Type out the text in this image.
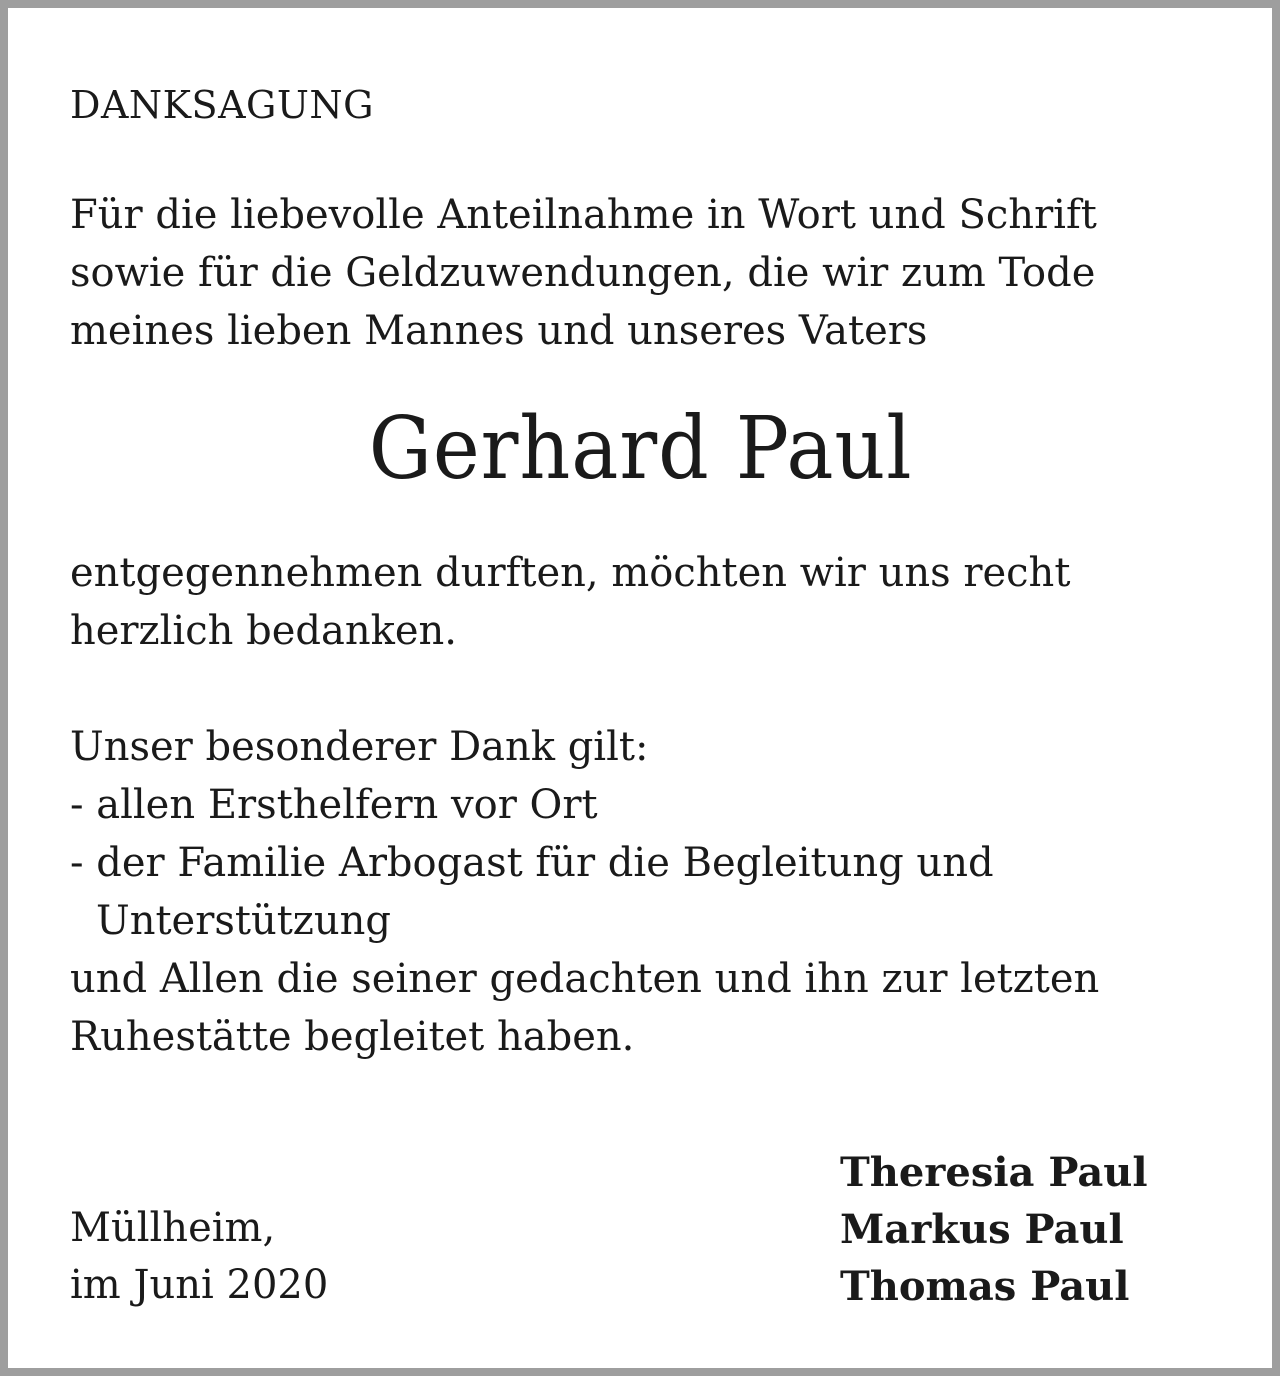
DANKSAGUNG

Für die liebevolle Anteilnahme in Wort und Schrift
sowie für die Geldzuwendungen, die wir zum Tode
meines lieben Mannes und unseres Vaters

Gerhard Paul

entgegennehmen durften, möchten wir uns recht
herzlich bedanken.

Unser besonderer Dank gilt:
- allen Ersthelfern vor Ort
- der Familie Arbogast für die Begleitung und
Unterstützung
und Allen die seiner gedachten und ihn zur letzten
Ruhestätte begleitet haben.

Müllheim,
im Juni 2020

Theresia Paul
Markus Paul
Thomas Paul
